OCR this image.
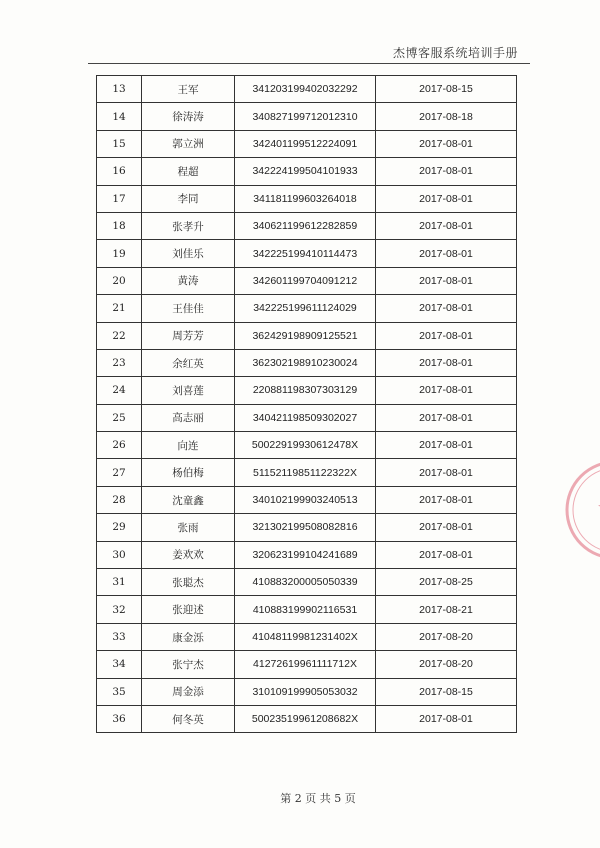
杰博客服系统培训手册
13	王军	341203199402032292	2017-08-15
14	徐涛涛	340827199712012310	2017-08-18
15	郭立洲	342401199512224091	2017-08-01
16	程超	342224199504101933	2017-08-01
17	李同	341181199603264018	2017-08-01
18	张孝升	340621199612282859	2017-08-01
19	刘佳乐	342225199410114473	2017-08-01
20	黄涛	342601199704091212	2017-08-01
21	王佳佳	342225199611124029	2017-08-01
22	周芳芳	362429198909125521	2017-08-01
23	余红英	362302198910230024	2017-08-01
24	刘喜莲	220881198307303129	2017-08-01
25	高志丽	340421198509302027	2017-08-01
26	向连	50022919930612478X	2017-08-01
27	杨伯梅	51152119851122322X	2017-08-01
28	沈童鑫	340102199903240513	2017-08-01
29	张雨	321302199508082816	2017-08-01
30	姜欢欢	320623199104241689	2017-08-01
31	张聪杰	410883200005050339	2017-08-25
32	张迎述	410883199902116531	2017-08-21
33	康金泺	41048119981231402X	2017-08-20
34	张宁杰	41272619961111712X	2017-08-20
35	周金添	310109199905053032	2017-08-15
36	何冬英	50023519961208682X	2017-08-01
第 2 页 共 5 页
